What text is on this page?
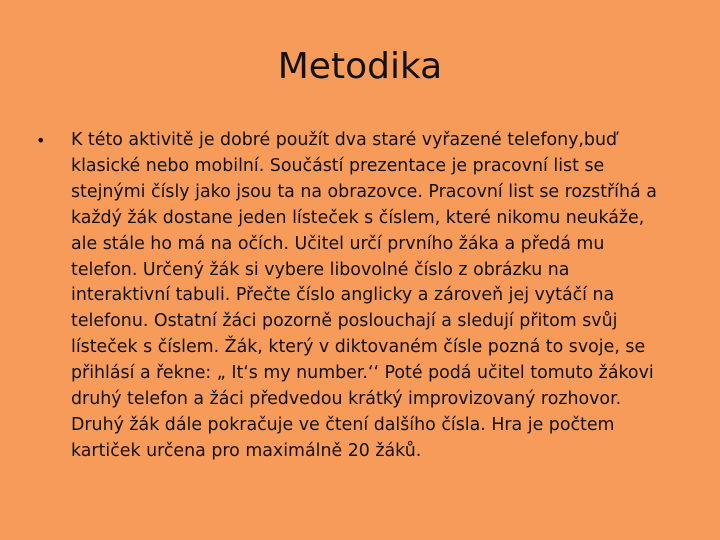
Metodika
• K této aktivitě je dobré použít dva staré vyřazené telefony,buď
klasické nebo mobilní. Součástí prezentace je pracovní list se
stejnými čísly jako jsou ta na obrazovce. Pracovní list se rozstříhá a
každý žák dostane jeden lísteček s číslem, které nikomu neukáže,
ale stále ho má na očích. Učitel určí prvního žáka a předá mu
telefon. Určený žák si vybere libovolné číslo z obrázku na
interaktivní tabuli. Přečte číslo anglicky a zároveň jej vytáčí na
telefonu. Ostatní žáci pozorně poslouchají a sledují přitom svůj
lísteček s číslem. Žák, který v diktovaném čísle pozná to svoje, se
přihlásí a řekne: „ It‘s my number.‘‘ Poté podá učitel tomuto žákovi
druhý telefon a žáci předvedou krátký improvizovaný rozhovor.
Druhý žák dále pokračuje ve čtení dalšího čísla. Hra je počtem
kartiček určena pro maximálně 20 žáků.
